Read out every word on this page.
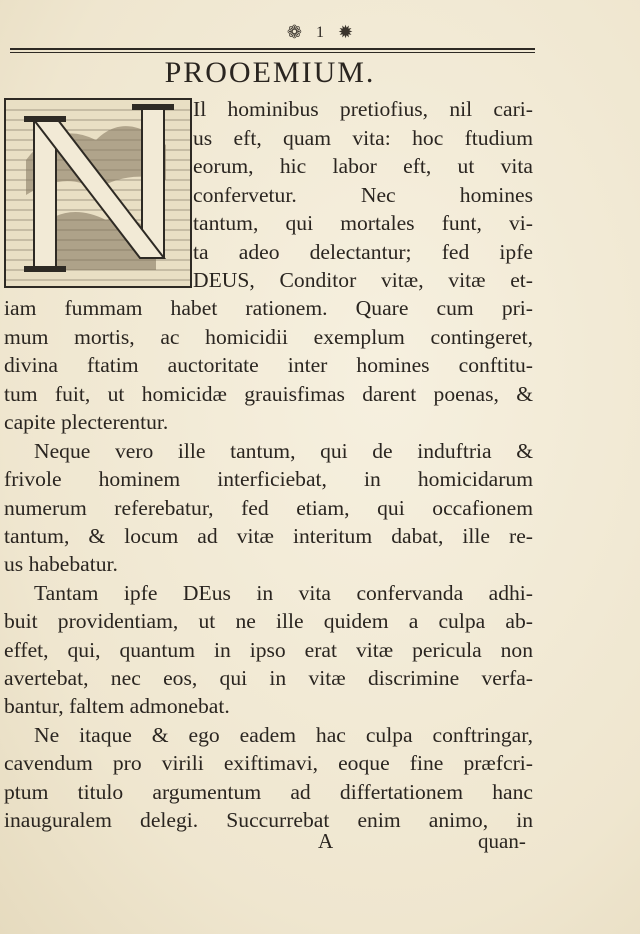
❁ 1 ✹
PROOEMIUM.
Il hominibus pretiofius, nil cari-
us eft, quam vita: hoc ftudium
eorum, hic labor eft, ut vita
confervetur. Nec homines
tantum, qui mortales funt, vi-
ta adeo delectantur; fed ipfe
DEUS, Conditor vitæ, vitæ et-
iam fummam habet rationem. Quare cum pri-
mum mortis, ac homicidii exemplum contingeret,
divina ftatim auctoritate inter homines conftitu-
tum fuit, ut homicidæ grauisfimas darent poenas, &
capite plecterentur.
Neque vero ille tantum, qui de induftria &
frivole hominem interficiebat, in homicidarum
numerum referebatur, fed etiam, qui occafionem
tantum, & locum ad vitæ interitum dabat, ille re-
us habebatur.
Tantam ipfe DEus in vita confervanda adhi-
buit providentiam, ut ne ille quidem a culpa ab-
effet, qui, quantum in ipso erat vitæ pericula non
avertebat, nec eos, qui in vitæ discrimine verfa-
bantur, faltem admonebat.
Ne itaque & ego eadem hac culpa conftringar,
cavendum pro virili exiftimavi, eoque fine præfcri-
ptum titulo argumentum ad differtationem hanc
inauguralem delegi. Succurrebat enim animo, in
A	quan-
